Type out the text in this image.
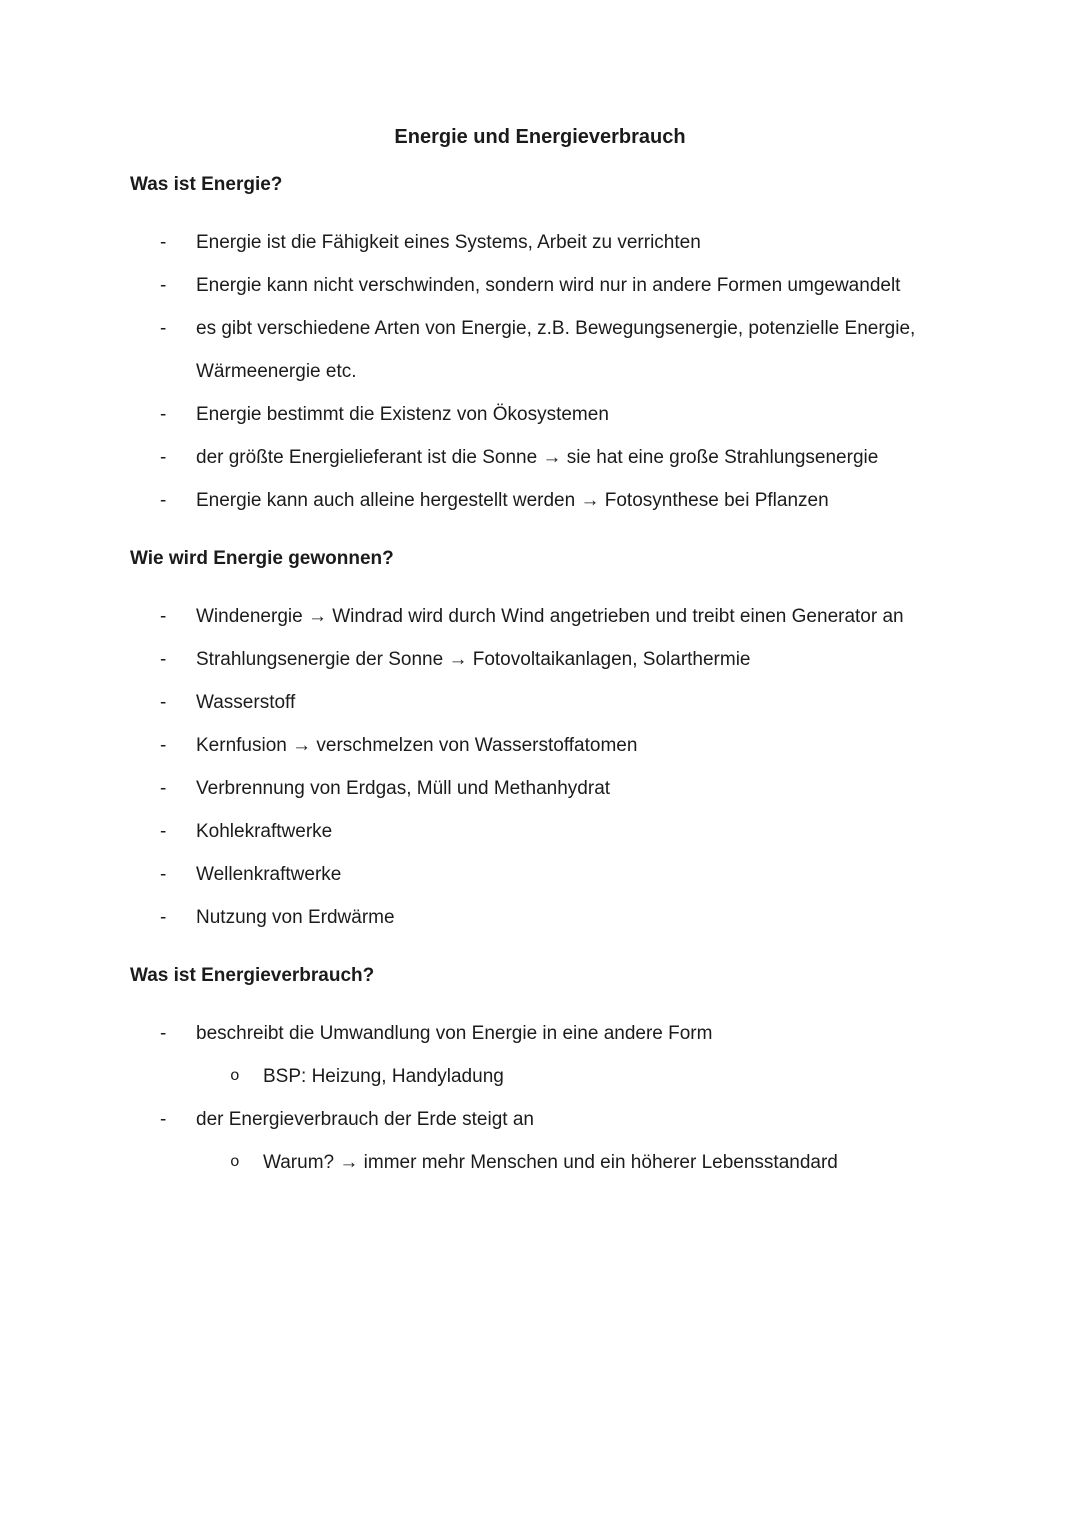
Energie und Energieverbrauch
Was ist Energie?
- Energie ist die Fähigkeit eines Systems, Arbeit zu verrichten
- Energie kann nicht verschwinden, sondern wird nur in andere Formen umgewandelt
- es gibt verschiedene Arten von Energie, z.B. Bewegungsenergie, potenzielle Energie, Wärmeenergie etc.
- Energie bestimmt die Existenz von Ökosystemen
- der größte Energielieferant ist die Sonne → sie hat eine große Strahlungsenergie
- Energie kann auch alleine hergestellt werden → Fotosynthese bei Pflanzen
Wie wird Energie gewonnen?
- Windenergie → Windrad wird durch Wind angetrieben und treibt einen Generator an
- Strahlungsenergie der Sonne → Fotovoltaikanlagen, Solarthermie
- Wasserstoff
- Kernfusion → verschmelzen von Wasserstoffatomen
- Verbrennung von Erdgas, Müll und Methanhydrat
- Kohlekraftwerke
- Wellenkraftwerke
- Nutzung von Erdwärme
Was ist Energieverbrauch?
- beschreibt die Umwandlung von Energie in eine andere Form
o BSP: Heizung, Handyladung
- der Energieverbrauch der Erde steigt an
o Warum? → immer mehr Menschen und ein höherer Lebensstandard
